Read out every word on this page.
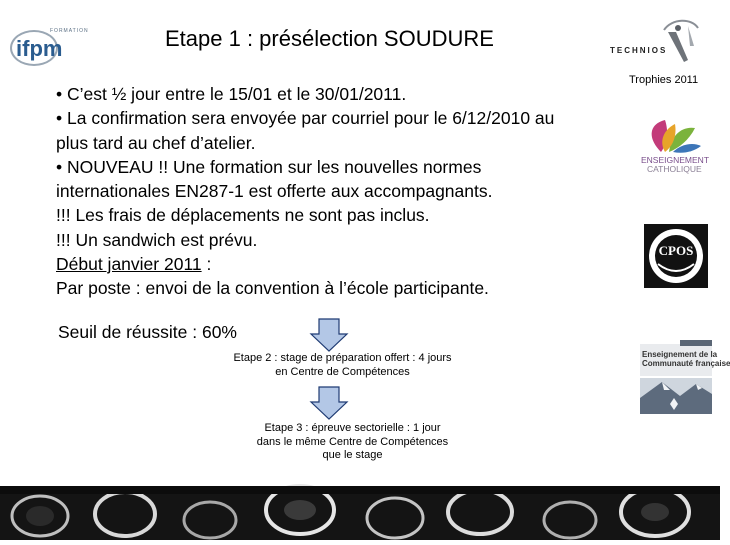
ifpm
FORMATION	Etape 1 : présélection SOUDURE	TECHNIOS
Trophies 2011
• C’est ½ jour entre le 15/01 et le 30/01/2011.
• La confirmation sera envoyée par courriel pour le 6/12/2010 au
plus tard au chef d’atelier.
• NOUVEAU !! Une formation sur les nouvelles normes
internationales EN287-1 est offerte aux accompagnants.
!!! Les frais de déplacements ne sont pas inclus.
!!! Un sandwich est prévu.
Début janvier 2011 :
Par poste : envoi de la convention à l’école participante.
Seuil de réussite : 60%
Etape 2 : stage de préparation offert : 4 jours
en Centre de Compétences
Etape 3 : épreuve sectorielle : 1 jour
dans le même Centre de Compétences
que le stage
ENSEIGNEMENT
CATHOLIQUE
CPOS
Enseignement de la
Communauté française
